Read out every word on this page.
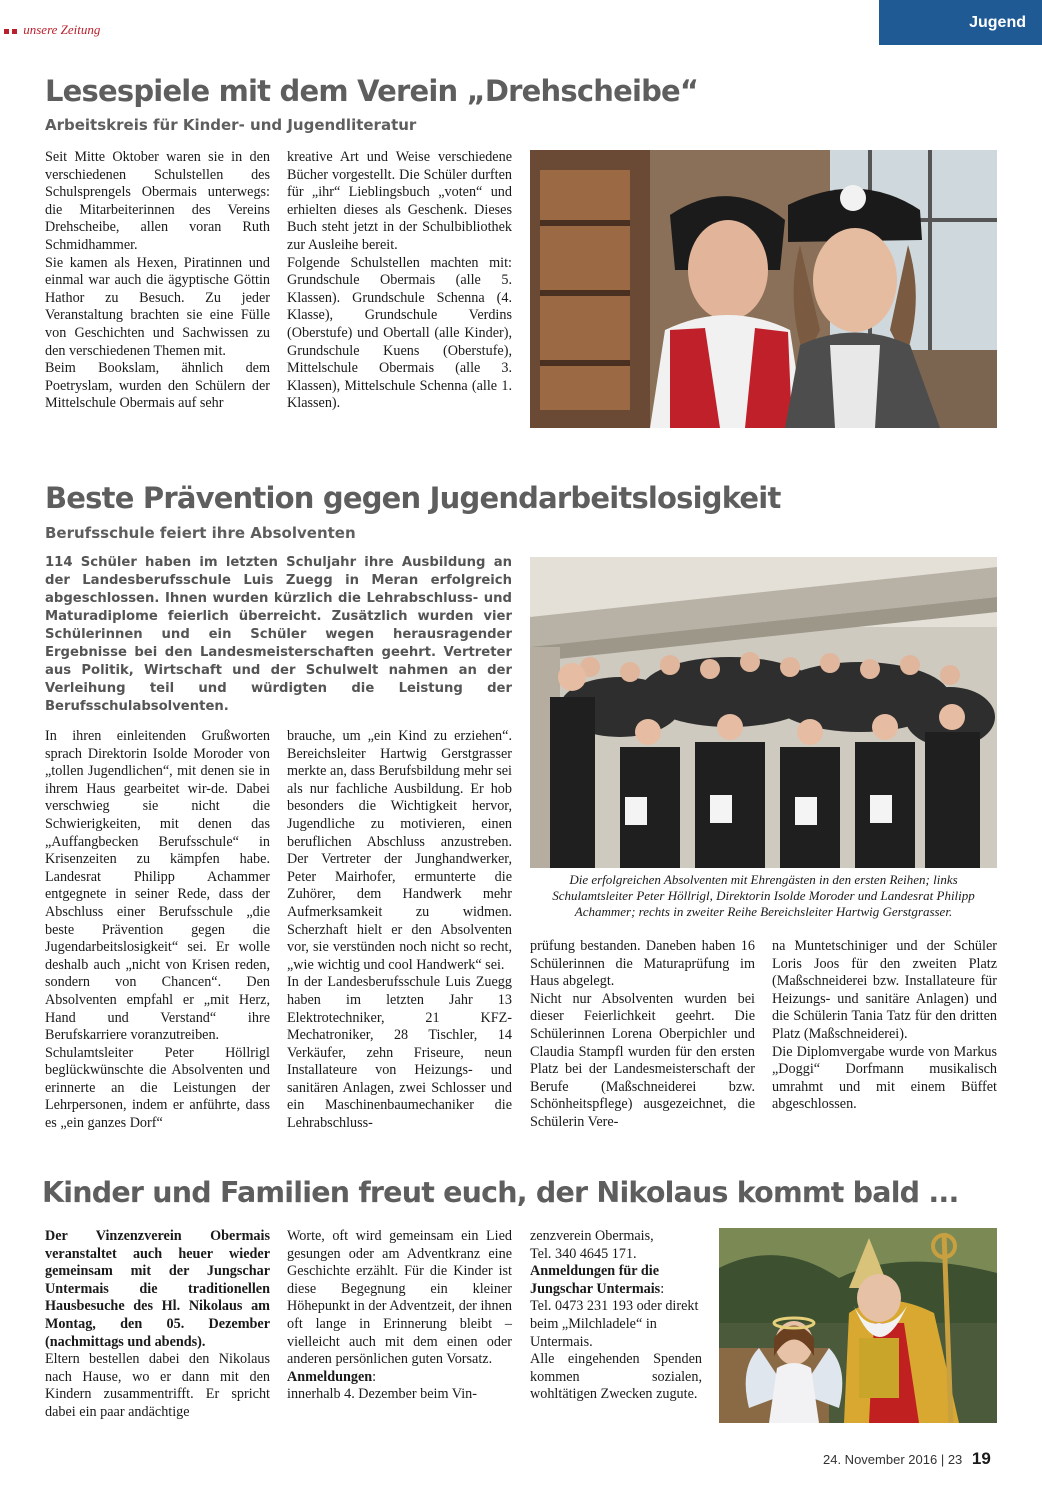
unsere Zeitung	Jugend
Lesespiele mit dem Verein „Drehscheibe“
Arbeitskreis für Kinder- und Jugendliteratur

Seit Mitte Oktober waren sie in den verschiedenen Schulstellen des Schulsprengels Obermais unterwegs: die Mitarbeiterinnen des Vereins Drehscheibe, allen voran Ruth Schmidhammer.

Sie kamen als Hexen, Piratinnen und einmal war auch die ägyptische Göttin Hathor zu Besuch. Zu jeder Veranstaltung brachten sie eine Fülle von Geschichten und Sachwissen zu den verschiedenen Themen mit.

Beim Bookslam, ähnlich dem Poetryslam, wurden den Schülern der Mittelschule Obermais auf sehr

kreative Art und Weise verschiedene Bücher vorgestellt. Die Schüler durften für „ihr“ Lieblingsbuch „voten“ und erhielten dieses als Geschenk. Dieses Buch steht jetzt in der Schulbibliothek zur Ausleihe bereit.

Folgende Schulstellen machten mit: Grundschule Obermais (alle 5. Klassen). Grundschule Schenna (4. Klasse), Grundschule Verdins (Oberstufe) und Obertall (alle Kinder), Grundschule Kuens (Oberstufe), Mittelschule Obermais (alle 3. Klassen), Mittelschule Schenna (alle 1. Klassen).

Beste Prävention gegen Jugendarbeitslosigkeit
Berufsschule feiert ihre Absolventen
114 Schüler haben im letzten Schuljahr ihre Ausbildung an der Landesberufsschule Luis Zuegg in Meran erfolgreich abgeschlossen. Ihnen wurden kürzlich die Lehrabschluss- und Maturadiplome feierlich überreicht. Zusätzlich wurden vier Schülerinnen und ein Schüler wegen herausragender Ergebnisse bei den Landesmeisterschaften geehrt. Vertreter aus Politik, Wirtschaft und der Schulwelt nahmen an der Verleihung teil und würdigten die Leistung der Berufsschulabsolventen.

In ihren einleitenden Grußworten sprach Direktorin Isolde Moroder von „tollen Jugendlichen“, mit denen sie in ihrem Haus gearbeitet wir-de. Dabei verschwieg sie nicht die Schwierigkeiten, mit denen das „Auffangbecken Berufsschule“ in Krisenzeiten zu kämpfen habe. Landesrat Philipp Achammer entgegnete in seiner Rede, dass der Abschluss einer Berufsschule „die beste Prävention gegen die Jugendarbeitslosigkeit“ sei. Er wolle deshalb auch „nicht von Krisen reden, sondern von Chancen“. Den Absolventen empfahl er „mit Herz, Hand und Verstand“ ihre Berufskarriere voranzutreiben.

Schulamtsleiter Peter Höllrigl beglückwünschte die Absolventen und erinnerte an die Leistungen der Lehrpersonen, indem er anführte, dass es „ein ganzes Dorf“

brauche, um „ein Kind zu erziehen“. Bereichsleiter Hartwig Gerstgrasser merkte an, dass Berufsbildung mehr sei als nur fachliche Ausbildung. Er hob besonders die Wichtigkeit hervor, Jugendliche zu motivieren, einen beruflichen Abschluss anzustreben. Der Vertreter der Junghandwerker, Peter Mairhofer, ermunterte die Zuhörer, dem Handwerk mehr Aufmerksamkeit zu widmen. Scherzhaft hielt er den Absolventen vor, sie verstünden noch nicht so recht, „wie wichtig und cool Handwerk“ sei.

In der Landesberufsschule Luis Zuegg haben im letzten Jahr 13 Elektrotechniker, 21 KFZ-Mechatroniker, 28 Tischler, 14 Verkäufer, zehn Friseure, neun Installateure von Heizungs- und sanitären Anlagen, zwei Schlosser und ein Maschinenbaumechaniker die Lehrabschluss-

Die erfolgreichen Absolventen mit Ehrengästen in den ersten Reihen; links Schulamtsleiter Peter Höllrigl, Direktorin Isolde Moroder und Landesrat Philipp Achammer; rechts in zweiter Reihe Bereichsleiter Hartwig Gerstgrasser.

prüfung bestanden. Daneben haben 16 Schülerinnen die Maturaprüfung im Haus abgelegt.

Nicht nur Absolventen wurden bei dieser Feierlichkeit geehrt. Die Schülerinnen Lorena Oberpichler und Claudia Stampfl wurden für den ersten Platz bei der Landesmeisterschaft der Berufe (Maßschneiderei bzw. Schönheitspflege) ausgezeichnet, die Schülerin Vere-

na Muntetschiniger und der Schüler Loris Joos für den zweiten Platz (Maßschneiderei bzw. Installateure für Heizungs- und sanitäre Anlagen) und die Schülerin Tania Tatz für den dritten Platz (Maßschneiderei).

Die Diplomvergabe wurde von Markus „Doggi“ Dorfmann musikalisch umrahmt und mit einem Büffet abgeschlossen.

Kinder und Familien freut euch, der Nikolaus kommt bald ...

Der Vinzenzverein Obermais veranstaltet auch heuer wieder gemeinsam mit der Jungschar Untermais die traditionellen Hausbesuche des Hl. Nikolaus am Montag, den 05. Dezember (nachmittags und abends).

Eltern bestellen dabei den Nikolaus nach Hause, wo er dann mit den Kindern zusammentrifft. Er spricht dabei ein paar andächtige

Worte, oft wird gemeinsam ein Lied gesungen oder am Adventkranz eine Geschichte erzählt. Für die Kinder ist diese Begegnung ein kleiner Höhepunkt in der Adventzeit, der ihnen oft lange in Erinnerung bleibt – vielleicht auch mit dem einen oder anderen persönlichen guten Vorsatz.

Anmeldungen:

innerhalb 4. Dezember beim Vin-

zenzverein Obermais,

Tel. 340 4645 171.

Anmeldungen für die Jungschar Untermais:

Tel. 0473 231 193 oder direkt beim „Milchladele“ in Untermais.

Alle eingehenden Spenden kommen sozialen, wohltätigen Zwecken zugute.

24. November 2016 | 23 19
